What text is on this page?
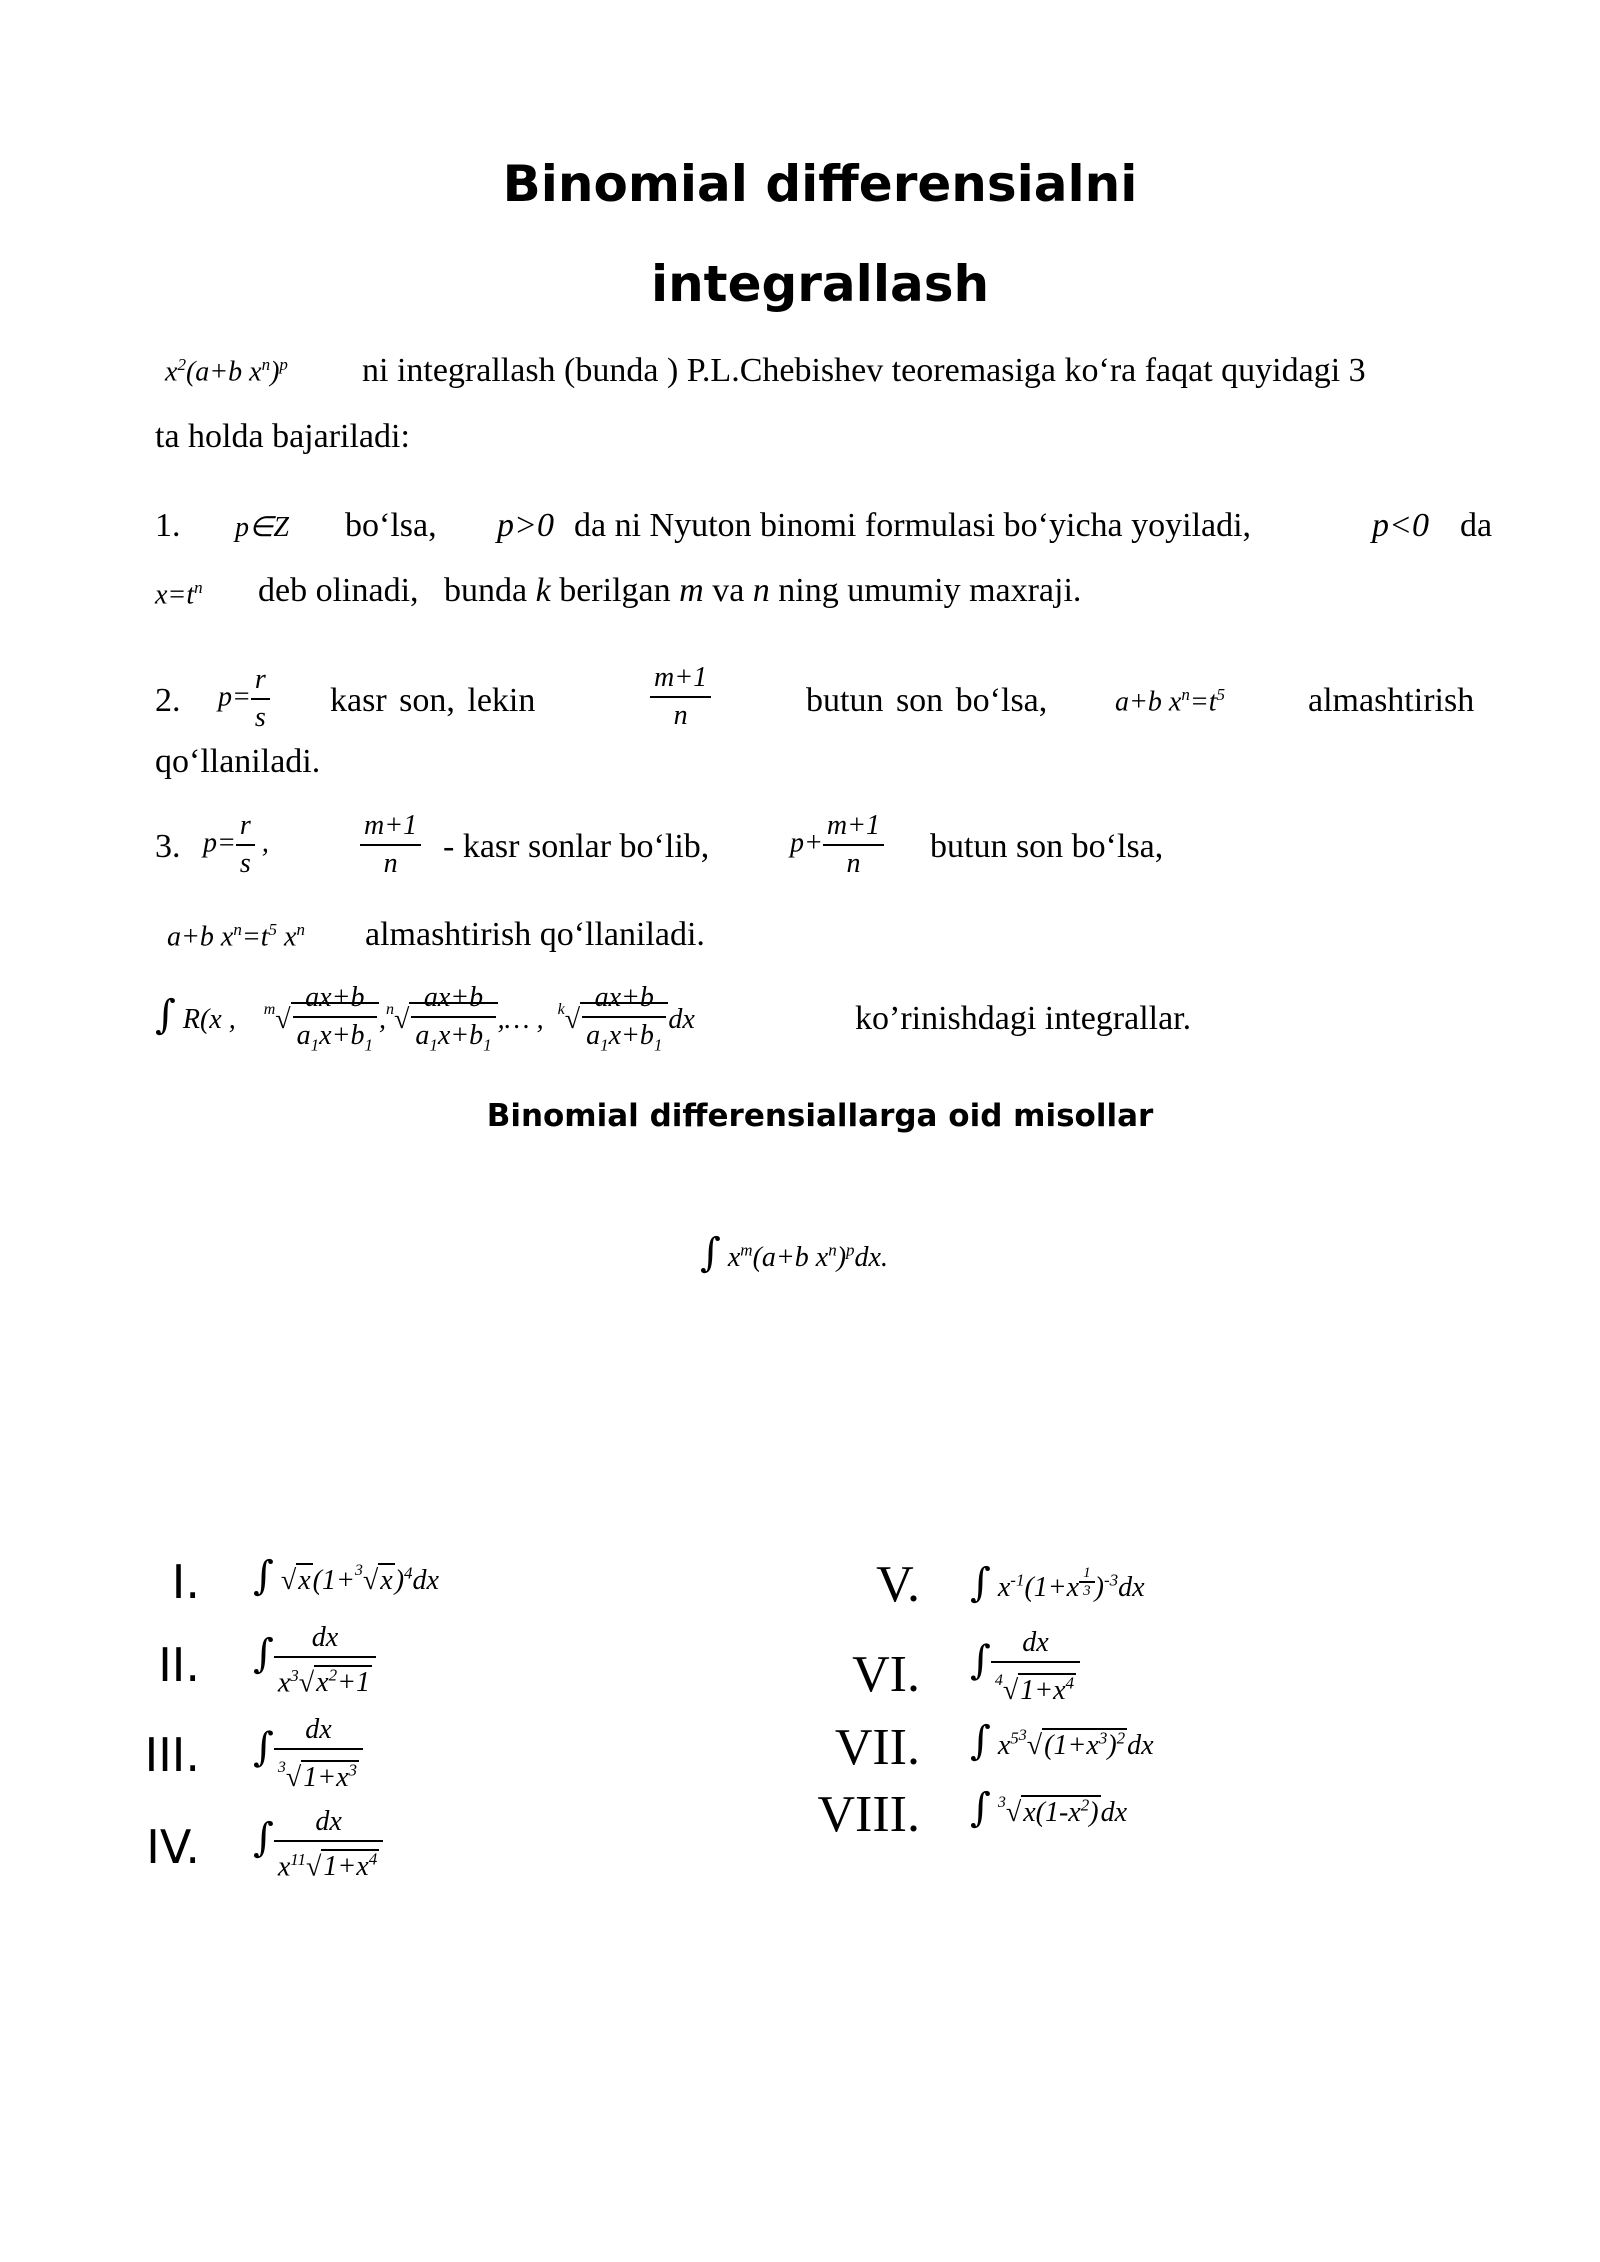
Binomial differensialni
integrallash
$x^2(a+b$ $x^n)^p$ ni integrallash (bunda ) P.L.Chebishev teoremasiga ko‘ra faqat quyidagi 3
ta holda bajariladi:
1. p∈Z bo‘lsa, p>0 da ni Nyuton binomi formulasi bo‘yicha yoyiladi,	p<0 da
$x=t^n$ deb olinadi, bunda k berilgan m va n ning umumiy maxraji.
2. $p= \frac{r}{s}$ kasr son, lekin	$\frac{m+1}{n}$	butun son bo‘lsa, a+b $x^n=t^5$ almashtirish
qo‘llaniladi.
3. $p= \frac{r}{s}$ ,	$\frac{m+1}{n}$ - kasr sonlar bo‘lib,	$p+ \frac{m+1}{n}$ butun son bo‘lsa,
a+b $x^n=t^5$ $x^n$ almashtirish qo‘llaniladi.
∫ R(x ,    $^m√ \frac{ax+b}{a_1x+b_1} ,^n√ \frac{ax+b}{a_1x+b_1}$ ,… ,  $^k√ \frac{ax+b}{a_1x+b_1}$ dx	ko’rinishdagi integrallar.
Binomial differensiallarga oid misollar
∫ $x^m(a+b$ $x^n)^pdx$.
I. ∫ $√x(1+^3√x)^4dx$
II. ∫ $\frac{dx}{x^3√x^2+1}$
III. ∫ $\frac{dx}{^3√1+x^3}$
IV. ∫ $\frac{dx}{x^{11}√1+x^4}$
V. ∫ $x^{-1}(1+x$ $^{\frac{1}{3}}$ )$^{-3}$dx
VI. ∫ $\frac{dx}{^4√1+x^4}$
VII. ∫ $x^{53}√(1+x^3)^2dx$
VIII. ∫ $^3√x(1-x^2)dx$
